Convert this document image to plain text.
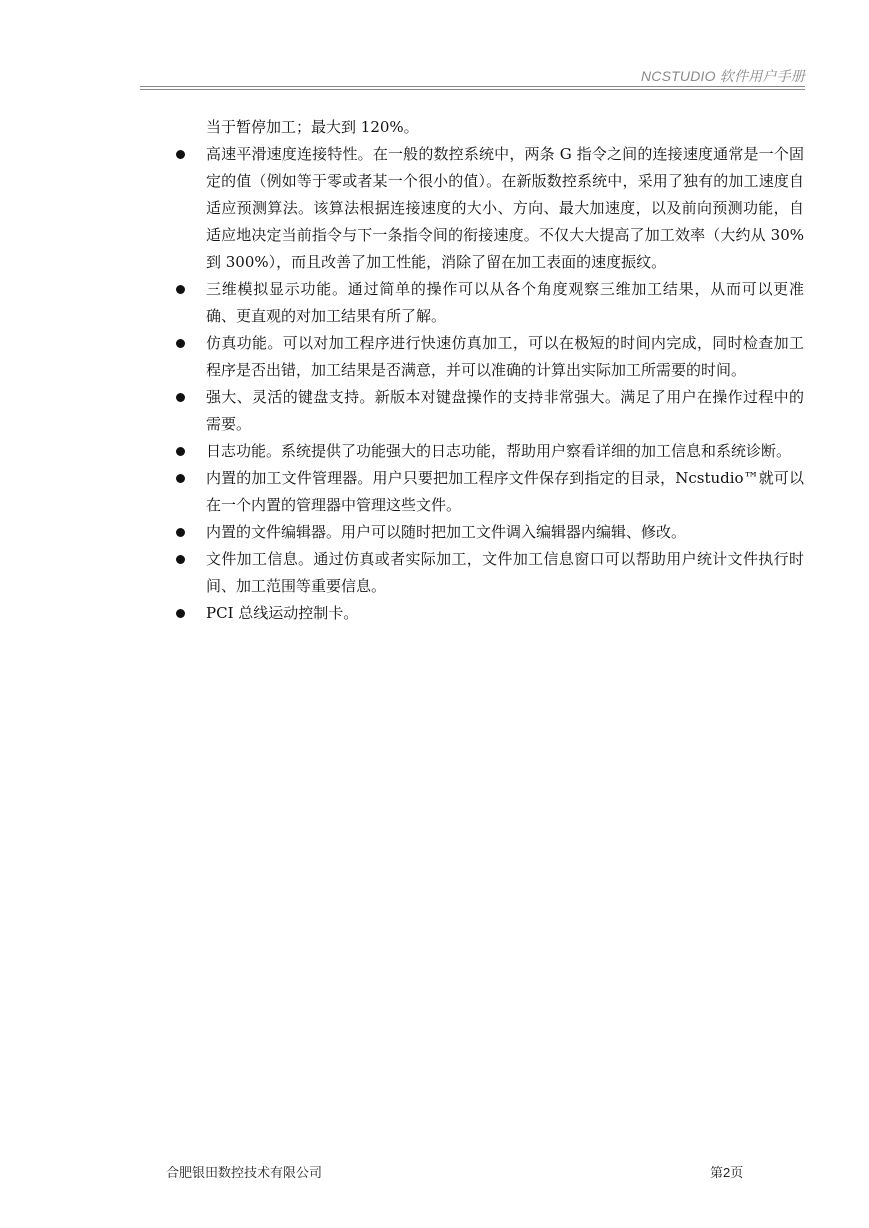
NCSTUDIO 软件用户手册
当于暂停加工；最大到 120%。
高速平滑速度连接特性。在一般的数控系统中，两条 G 指令之间的连接速度通常是一个固定的值（例如等于零或者某一个很小的值）。在新版数控系统中，采用了独有的加工速度自适应预测算法。该算法根据连接速度的大小、方向、最大加速度，以及前向预测功能，自适应地决定当前指令与下一条指令间的衔接速度。不仅大大提高了加工效率（大约从 30%到 300%），而且改善了加工性能，消除了留在加工表面的速度振纹。
三维模拟显示功能。通过简单的操作可以从各个角度观察三维加工结果，从而可以更准确、更直观的对加工结果有所了解。
仿真功能。可以对加工程序进行快速仿真加工，可以在极短的时间内完成，同时检查加工程序是否出错，加工结果是否满意，并可以准确的计算出实际加工所需要的时间。
强大、灵活的键盘支持。新版本对键盘操作的支持非常强大。满足了用户在操作过程中的需要。
日志功能。系统提供了功能强大的日志功能，帮助用户察看详细的加工信息和系统诊断。
内置的加工文件管理器。用户只要把加工程序文件保存到指定的目录，Ncstudio™就可以在一个内置的管理器中管理这些文件。
内置的文件编辑器。用户可以随时把加工文件调入编辑器内编辑、修改。
文件加工信息。通过仿真或者实际加工，文件加工信息窗口可以帮助用户统计文件执行时间、加工范围等重要信息。
PCI 总线运动控制卡。
合肥银田数控技术有限公司	第2页
